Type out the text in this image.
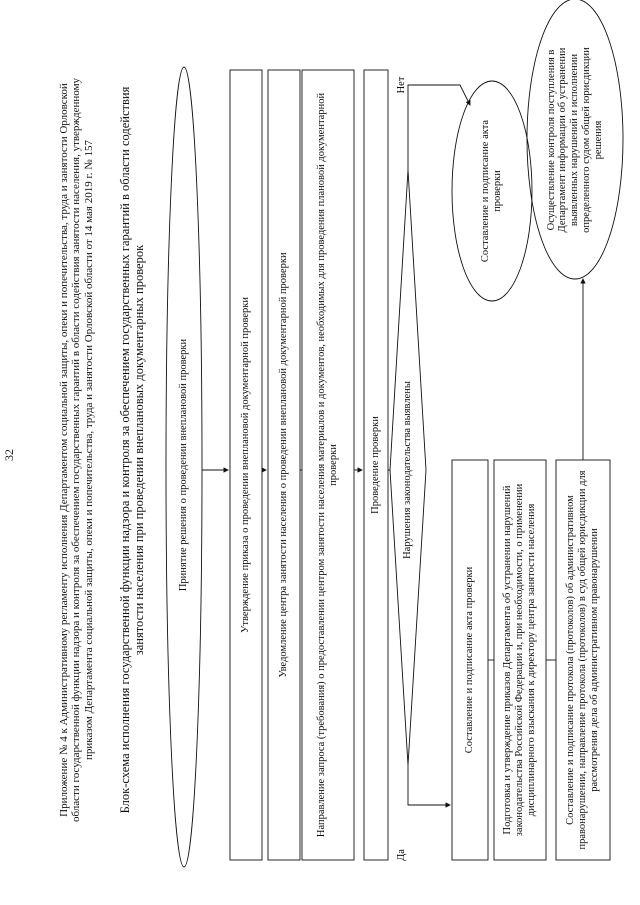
32	Приложение № 4 к Административному регламенту исполнения Департаментом социальной защиты, опеки и попечительства, труда и занятости Орловской области государственной функции надзора и контроля за обеспечением государственных гарантий в области содействия занятости населения, утвержденному приказом Департамента социальной защиты, опеки и попечительства, труда и занятости Орловской области от 14 мая 2019 г. № 157 Блок-схема исполнения государственной функции надзора и контроля за обеспечением государственных гарантий в области содействия занятости населения при проведении внеплановых документарных проверок	Принятие решения о проведении внеплановой проверки	Утверждение приказа о проведении внеплановой документарной проверки	Уведомление центра занятости населения о проведении внеплановой документарной проверки	Направление запроса (требования) о предоставлении центром занятости населения материалов и документов, необходимых для проведения плановой документарной проверки	Проведение проверки	Нарушения законодательства выявлены
Да
Нет
Составление и подписание акта проверки	Подготовка и утверждение приказов Департамента об устранении нарушений законодательства Российской Федерации и, при необходимости, о применении дисциплинарного взыскания к директору центра занятости населения	Составление и подписание протокола (протоколов) об административном правонарушении, направление протокола (протоколов) в суд общей юрисдикции для рассмотрения дела об административном правонарушении
Составление и подписание акта проверки	Осуществление контроля поступления в Департамент информации об устранении выявленных нарушений и исполнении определенного судом общей юрисдикции решения
